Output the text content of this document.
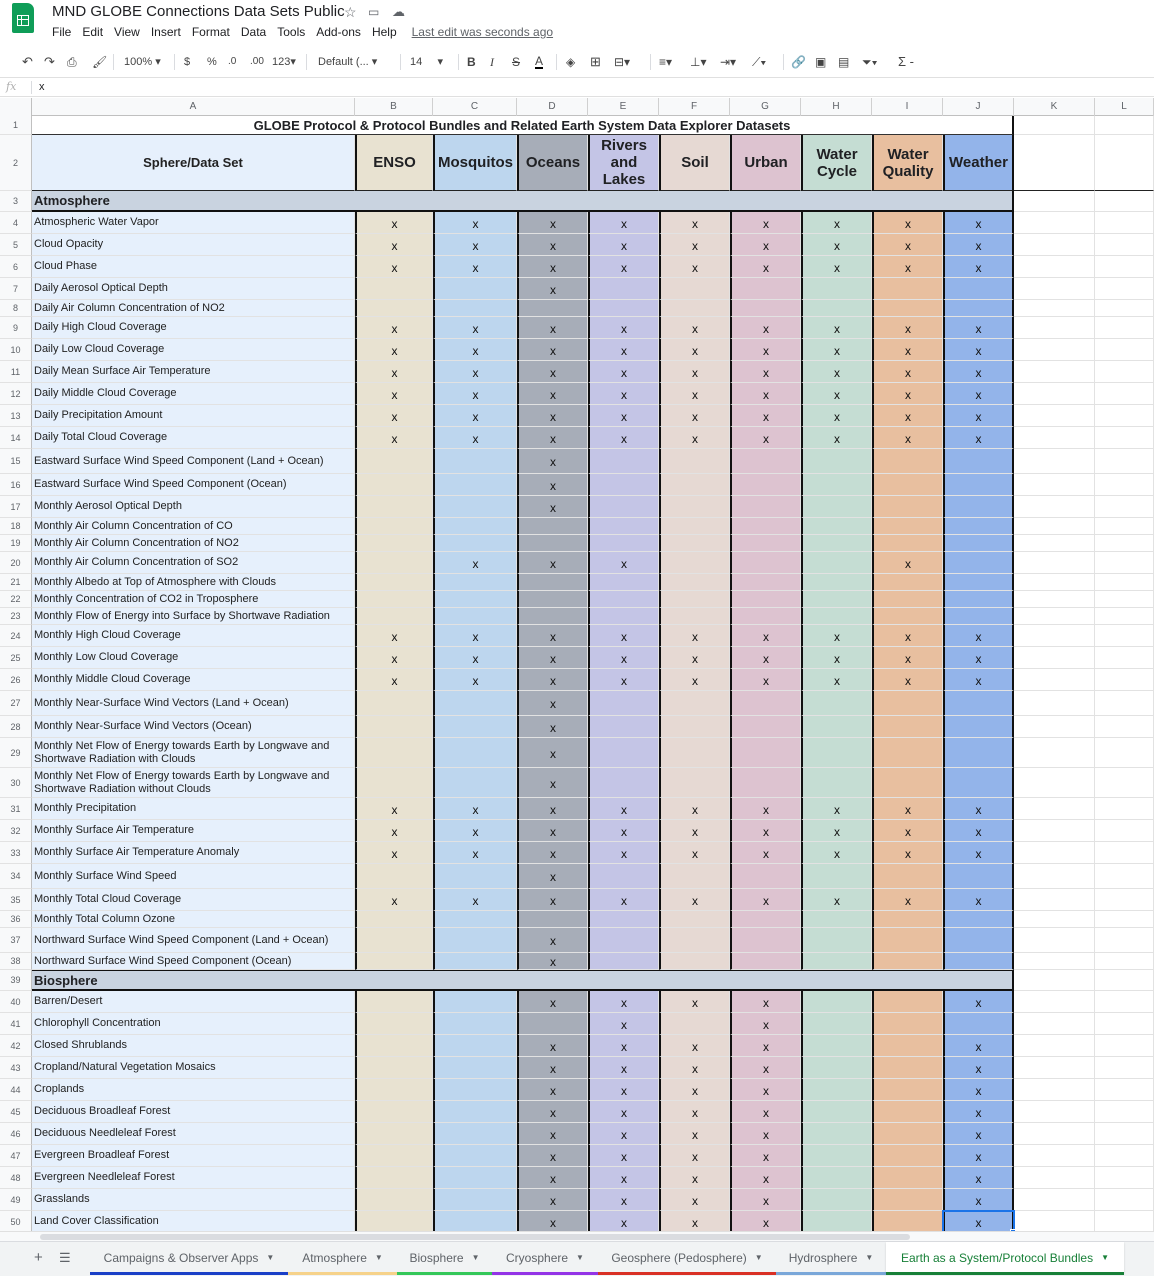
MND GLOBE Connections Data Sets Public ☆ ▭ ☁
File Edit View Insert Format Data Tools Add-ons Help Last edit was seconds ago
↶ ↷ ⎙ 🖌 100% ▾	$ % .0 .00 123▾	Default (... ▾	14     ▾	B I S A ◈ ⊞ ⊟▾ ≡▾ ⊥▾ ⇥▾ ⟋▾ 🔗 ▣ ▤ ⏷▾ Σ -
fx x
A	B	C	D	E	F	G	H	I	J	K	L
1	GLOBE Protocol & Protocol Bundles and Related Earth System Data Explorer Datasets
2	Sphere/Data Set	ENSO	Mosquitos Oceans
Rivers and Lakes
Soil	Urban	Water Cycle
Water Quality	Weather
3	Atmosphere
4	Atmospheric Water Vapor	x	x	x	x	x	x	x	x	x
5	Cloud Opacity	x	x	x	x	x	x	x	x	x
6	Cloud Phase	x	x	x	x	x	x	x	x	x
7	Daily Aerosol Optical Depth	x
8	Daily Air Column Concentration of NO2
9	Daily High Cloud Coverage	x	x	x	x	x	x	x	x	x
10	Daily Low Cloud Coverage	x	x	x	x	x	x	x	x	x
11	Daily Mean Surface Air Temperature	x	x	x	x	x	x	x	x	x
12	Daily Middle Cloud Coverage	x	x	x	x	x	x	x	x	x
13	Daily Precipitation Amount	x	x	x	x	x	x	x	x	x
14	Daily Total Cloud Coverage	x	x	x	x	x	x	x	x	x
15	Eastward Surface Wind Speed Component (Land + Ocean)	x
16	Eastward Surface Wind Speed Component (Ocean)	x
17	Monthly Aerosol Optical Depth	x
18	Monthly Air Column Concentration of CO
19	Monthly Air Column Concentration of NO2
20	Monthly Air Column Concentration of SO2	x	x	x	x
21	Monthly Albedo at Top of Atmosphere with Clouds
22	Monthly Concentration of CO2 in Troposphere
23	Monthly Flow of Energy into Surface by Shortwave Radiation
24	Monthly High Cloud Coverage	x	x	x	x	x	x	x	x	x
25	Monthly Low Cloud Coverage	x	x	x	x	x	x	x	x	x
26	Monthly Middle Cloud Coverage	x	x	x	x	x	x	x	x	x
27	Monthly Near-Surface Wind Vectors (Land + Ocean)	x
28	Monthly Near-Surface Wind Vectors (Ocean)	x
29
Monthly Net Flow of Energy towards Earth by Longwave and Shortwave Radiation with Clouds	x
30
Monthly Net Flow of Energy towards Earth by Longwave and Shortwave Radiation without Clouds	x
31	Monthly Precipitation	x	x	x	x	x	x	x	x	x
32	Monthly Surface Air Temperature	x	x	x	x	x	x	x	x	x
33	Monthly Surface Air Temperature Anomaly	x	x	x	x	x	x	x	x	x
34	Monthly Surface Wind Speed	x
35	Monthly Total Cloud Coverage	x	x	x	x	x	x	x	x	x
36	Monthly Total Column Ozone
37	Northward Surface Wind Speed Component (Land + Ocean)	x
38	Northward Surface Wind Speed Component (Ocean)	x
39	Biosphere
40	Barren/Desert	x	x	x	x	x
41	Chlorophyll Concentration	x	x
42	Closed Shrublands	x	x	x	x	x
43	Cropland/Natural Vegetation Mosaics	x	x	x	x	x
44	Croplands	x	x	x	x	x
45	Deciduous Broadleaf Forest	x	x	x	x	x
46	Deciduous Needleleaf Forest	x	x	x	x	x
47	Evergreen Broadleaf Forest	x	x	x	x	x
48	Evergreen Needleleaf Forest	x	x	x	x	x
49	Grasslands	x	x	x	x	x
50	Land Cover Classification	x	x	x	x	x
+ ☰	Campaigns & Observer Apps ▼ Atmosphere ▼ Biosphere ▼ Cryosphere ▼ Geosphere (Pedosphere) ▼ Hydrosphere ▼ Earth as a System/Protocol Bundles ▼
